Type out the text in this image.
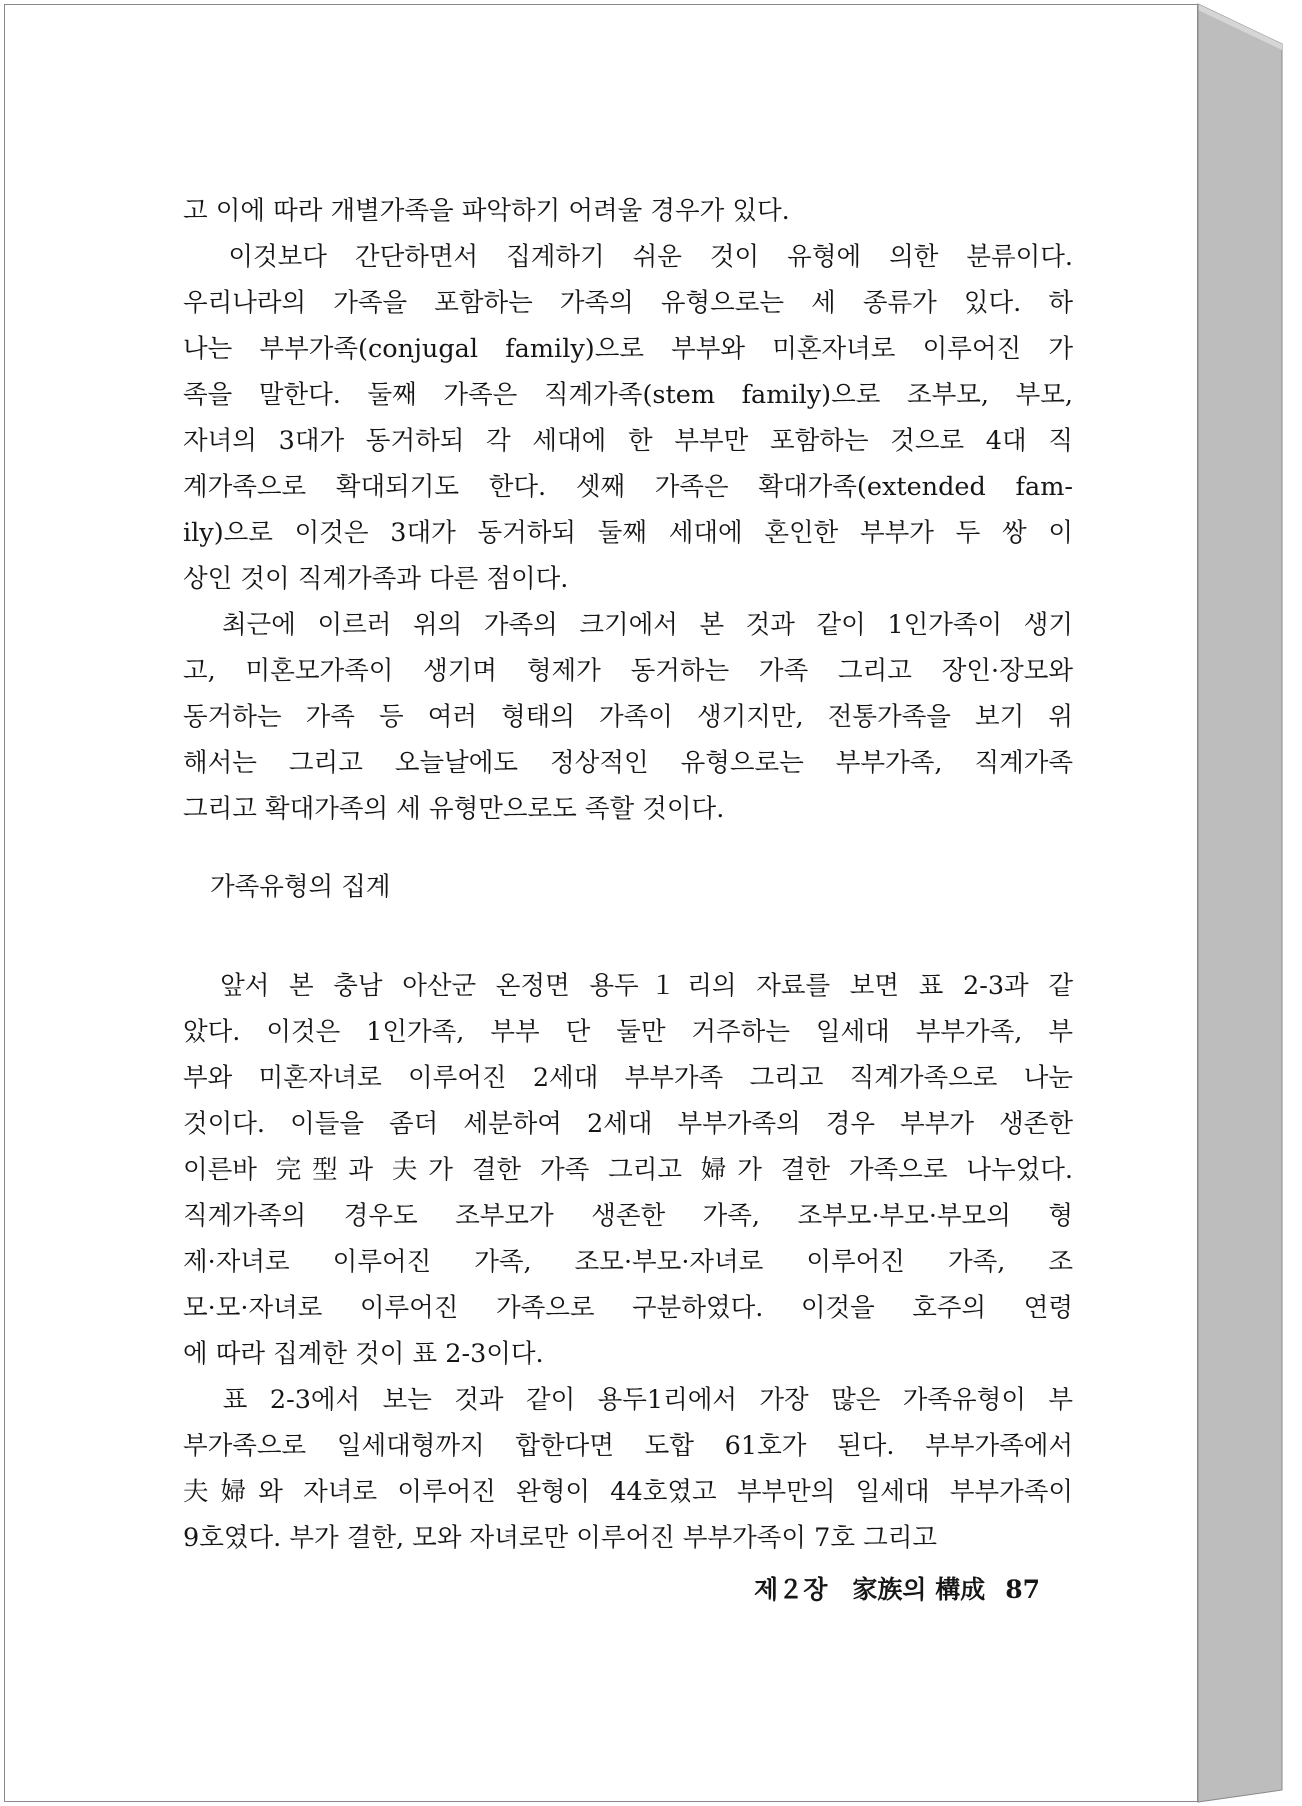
고 이에 따라 개별가족을 파악하기 어려울 경우가 있다.

　이것보다 간단하면서 집계하기 쉬운 것이 유형에 의한 분류이다.
우리나라의 가족을 포함하는 가족의 유형으로는 세 종류가 있다. 하
나는 부부가족(conjugal family)으로 부부와 미혼자녀로 이루어진 가
족을 말한다. 둘째 가족은 직계가족(stem family)으로 조부모, 부모,
자녀의 3대가 동거하되 각 세대에 한 부부만 포함하는 것으로 4대 직
계가족으로 확대되기도 한다. 셋째 가족은 확대가족(extended fam-
ily)으로 이것은 3대가 동거하되 둘째 세대에 혼인한 부부가 두 쌍 이
상인 것이 직계가족과 다른 점이다.

　최근에 이르러 위의 가족의 크기에서 본 것과 같이 1인가족이 생기
고, 미혼모가족이 생기며 형제가 동거하는 가족 그리고 장인·장모와
동거하는 가족 등 여러 형태의 가족이 생기지만, 전통가족을 보기 위
해서는 그리고 오늘날에도 정상적인 유형으로는 부부가족, 직계가족
그리고 확대가족의 세 유형만으로도 족할 것이다.

가족유형의 집계

　앞서 본 충남 아산군 온정면 용두１리의 자료를 보면 표 2-3과 같
았다. 이것은 1인가족, 부부 단 둘만 거주하는 일세대 부부가족, 부
부와 미혼자녀로 이루어진 2세대 부부가족 그리고 직계가족으로 나눈
것이다. 이들을 좀더 세분하여 2세대 부부가족의 경우 부부가 생존한
이른바 完型과 夫가 결한 가족 그리고 婦가 결한 가족으로 나누었다.
직계가족의 경우도 조부모가 생존한 가족, 조부모·부모·부모의 형
제·자녀로 이루어진 가족, 조모·부모·자녀로 이루어진 가족, 조
모·모·자녀로 이루어진 가족으로 구분하였다. 이것을 호주의 연령
에 따라 집계한 것이 표 2-3이다.

　표 2-3에서 보는 것과 같이 용두1리에서 가장 많은 가족유형이 부
부가족으로 일세대형까지 합한다면 도합 61호가 된다. 부부가족에서
夫婦와 자녀로 이루어진 완형이 44호였고 부부만의 일세대 부부가족이
9호였다. 부가 결한, 모와 자녀로만 이루어진 부부가족이 7호 그리고

제２장　家族의 構成 87
